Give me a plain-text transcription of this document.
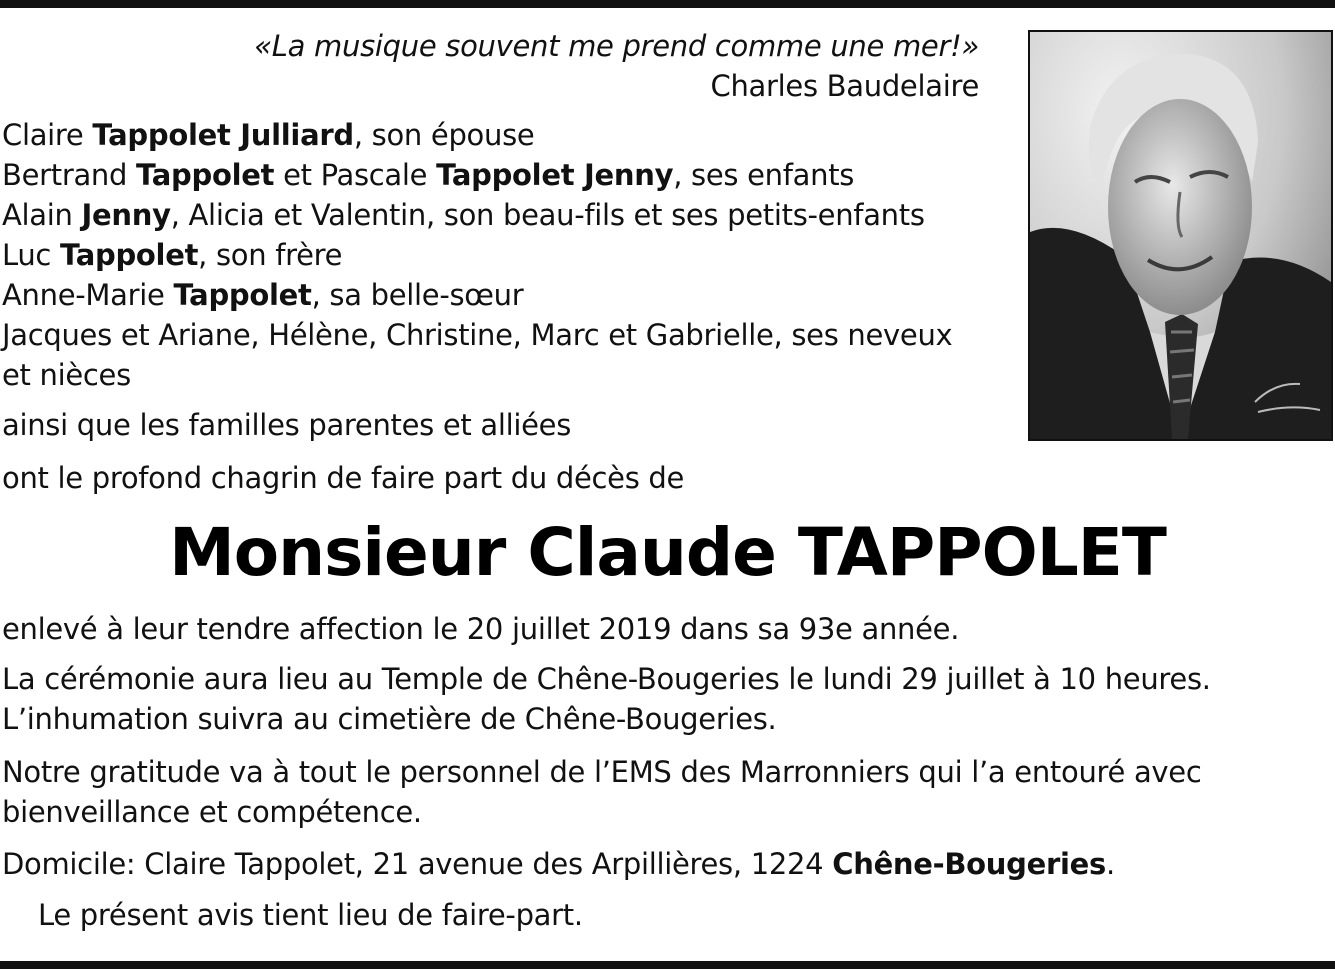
«La musique souvent me prend comme une mer!»
Charles Baudelaire
Claire Tappolet Julliard, son épouse
Bertrand Tappolet et Pascale Tappolet Jenny, ses enfants
Alain Jenny, Alicia et Valentin, son beau-fils et ses petits-enfants
Luc Tappolet, son frère
Anne-Marie Tappolet, sa belle-sœur
Jacques et Ariane, Hélène, Christine, Marc et Gabrielle, ses neveux
et nièces
ainsi que les familles parentes et alliées
ont le profond chagrin de faire part du décès de
Monsieur Claude TAPPOLET
enlevé à leur tendre affection le 20 juillet 2019 dans sa 93e année.
La cérémonie aura lieu au Temple de Chêne-Bougeries le lundi 29 juillet à 10 heures.
L’inhumation suivra au cimetière de Chêne-Bougeries.
Notre gratitude va à tout le personnel de l’EMS des Marronniers qui l’a entouré avec
bienveillance et compétence.
Domicile: Claire Tappolet, 21 avenue des Arpillières, 1224 Chêne-Bougeries.
Le présent avis tient lieu de faire-part.
